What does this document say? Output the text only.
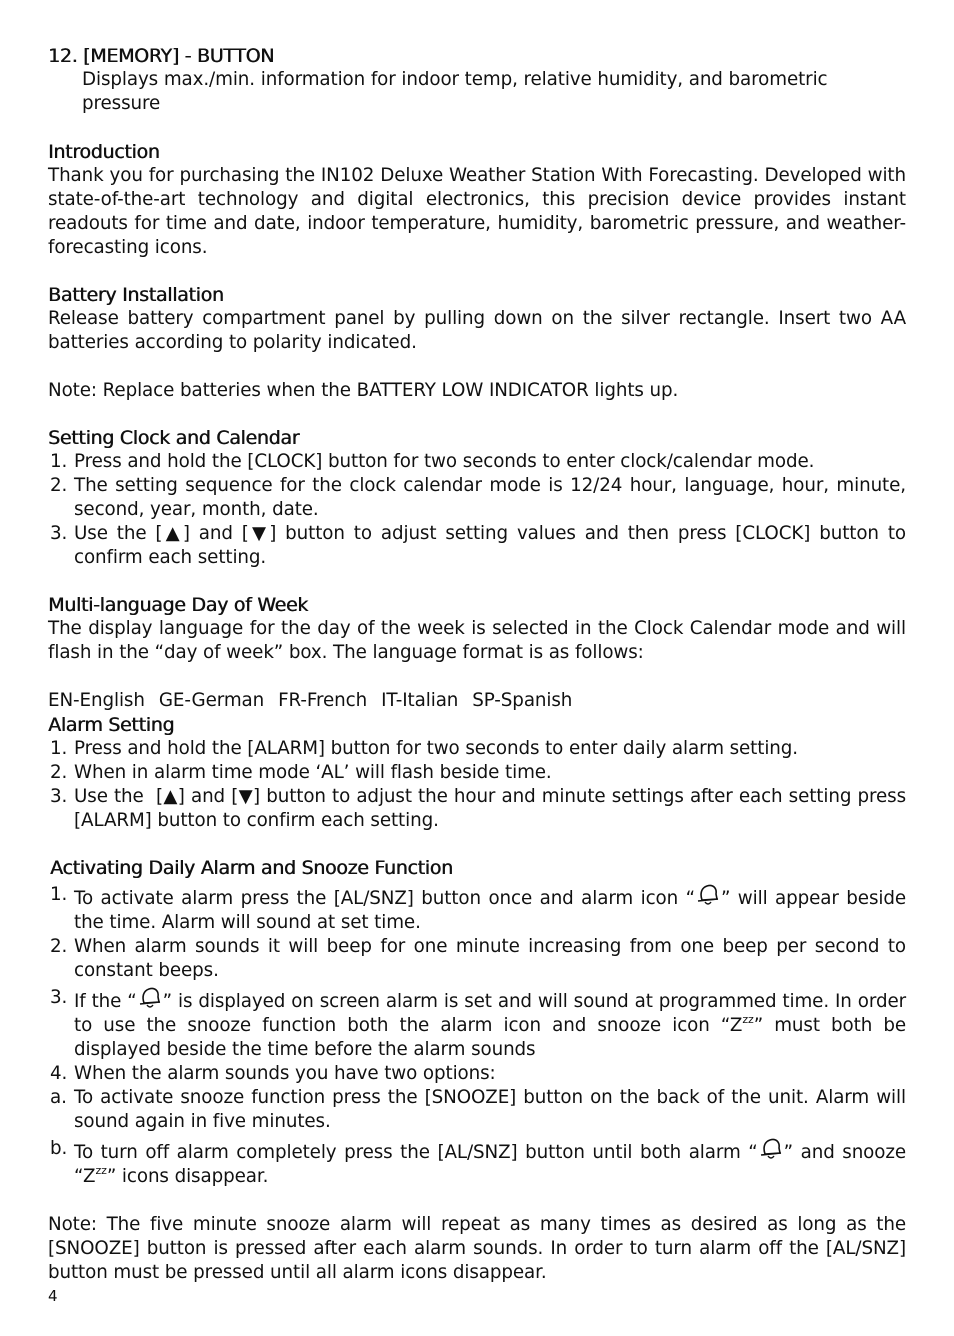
12. [MEMORY] - BUTTON
Displays max./min. information for indoor temp, relative humidity, and barometric pressure
Introduction
Thank you for purchasing the IN102 Deluxe Weather Station With Forecasting. Developed with state-of-the-art technology and digital electronics, this precision device provides instant readouts for time and date, indoor temperature, humidity, barometric pressure, and weather-forecasting icons.
Battery Installation
Release battery compartment panel by pulling down on the silver rectangle. Insert two AA batteries according to polarity indicated.
Note: Replace batteries when the BATTERY LOW INDICATOR lights up.
Setting Clock and Calendar
1. Press and hold the [CLOCK] button for two seconds to enter clock/calendar mode.
2. The setting sequence for the clock calendar mode is 12/24 hour, language, hour, minute, second, year, month, date.
3. Use the [▲] and [▼] button to adjust setting values and then press [CLOCK] button to confirm each setting.
Multi-language Day of Week
The display language for the day of the week is selected in the Clock Calendar mode and will flash in the “day of week” box. The language format is as follows:
EN-English GE-German FR-French IT-Italian SP-Spanish
Alarm Setting
1. Press and hold the [ALARM] button for two seconds to enter daily alarm setting.
2. When in alarm time mode ‘AL’ will flash beside time.
3. Use the  [▲] and [▼] button to adjust the hour and minute settings after each setting press [ALARM] button to confirm each setting.
Activating Daily Alarm and Snooze Function
1. To activate alarm press the [AL/SNZ] button once and alarm icon “ ” will appear beside the time. Alarm will sound at set time.
2. When alarm sounds it will beep for one minute increasing from one beep per second to constant beeps.
3. If the “ ” is displayed on screen alarm is set and will sound at programmed time. In order to use the snooze function both the alarm icon and snooze icon “$Z^{zz}$” must both be displayed beside the time before the alarm sounds
4. When the alarm sounds you have two options:
a. To activate snooze function press the [SNOOZE] button on the back of the unit. Alarm will sound again in five minutes.
b. To turn off alarm completely press the [AL/SNZ] button until both alarm “ ” and snooze “$Z^{zz}$” icons disappear.
Note: The five minute snooze alarm will repeat as many times as desired as long as the [SNOOZE] button is pressed after each alarm sounds. In order to turn alarm off the [AL/SNZ] button must be pressed until all alarm icons disappear.
4
